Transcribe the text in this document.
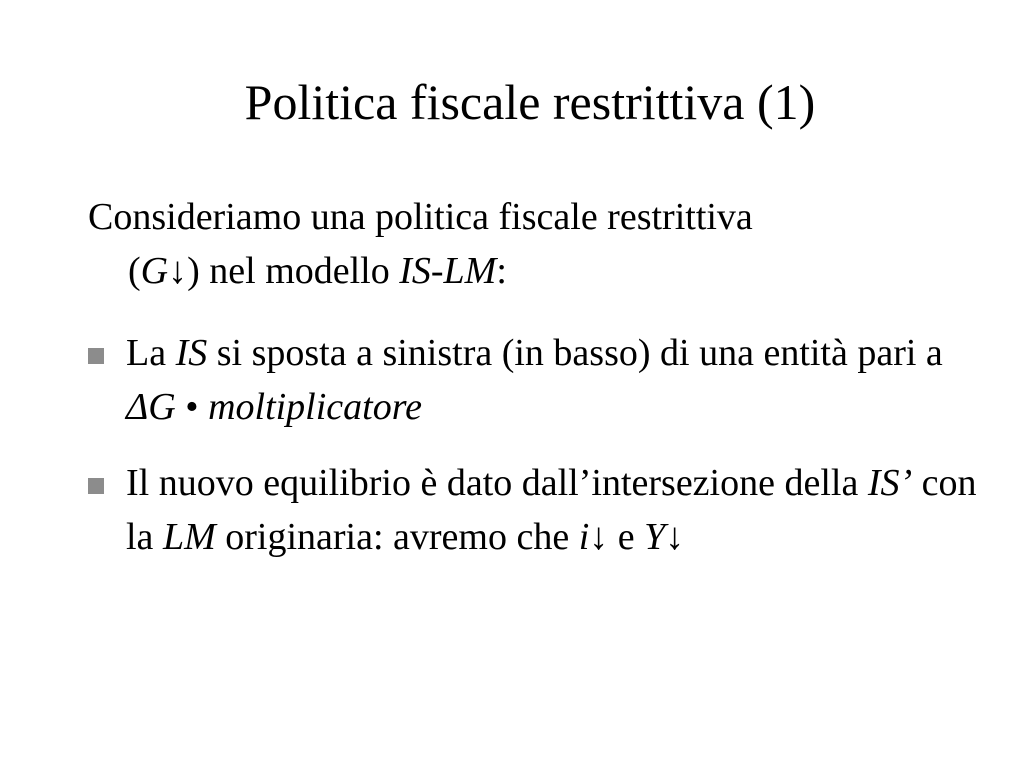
Politica fiscale restrittiva (1)
Consideriamo una politica fiscale restrittiva
(G↓) nel modello IS-LM:
La IS si sposta a sinistra (in basso) di una entità pari a ΔG • moltiplicatore
Il nuovo equilibrio è dato dall’intersezione della IS’ con la LM originaria: avremo che i↓ e Y↓
